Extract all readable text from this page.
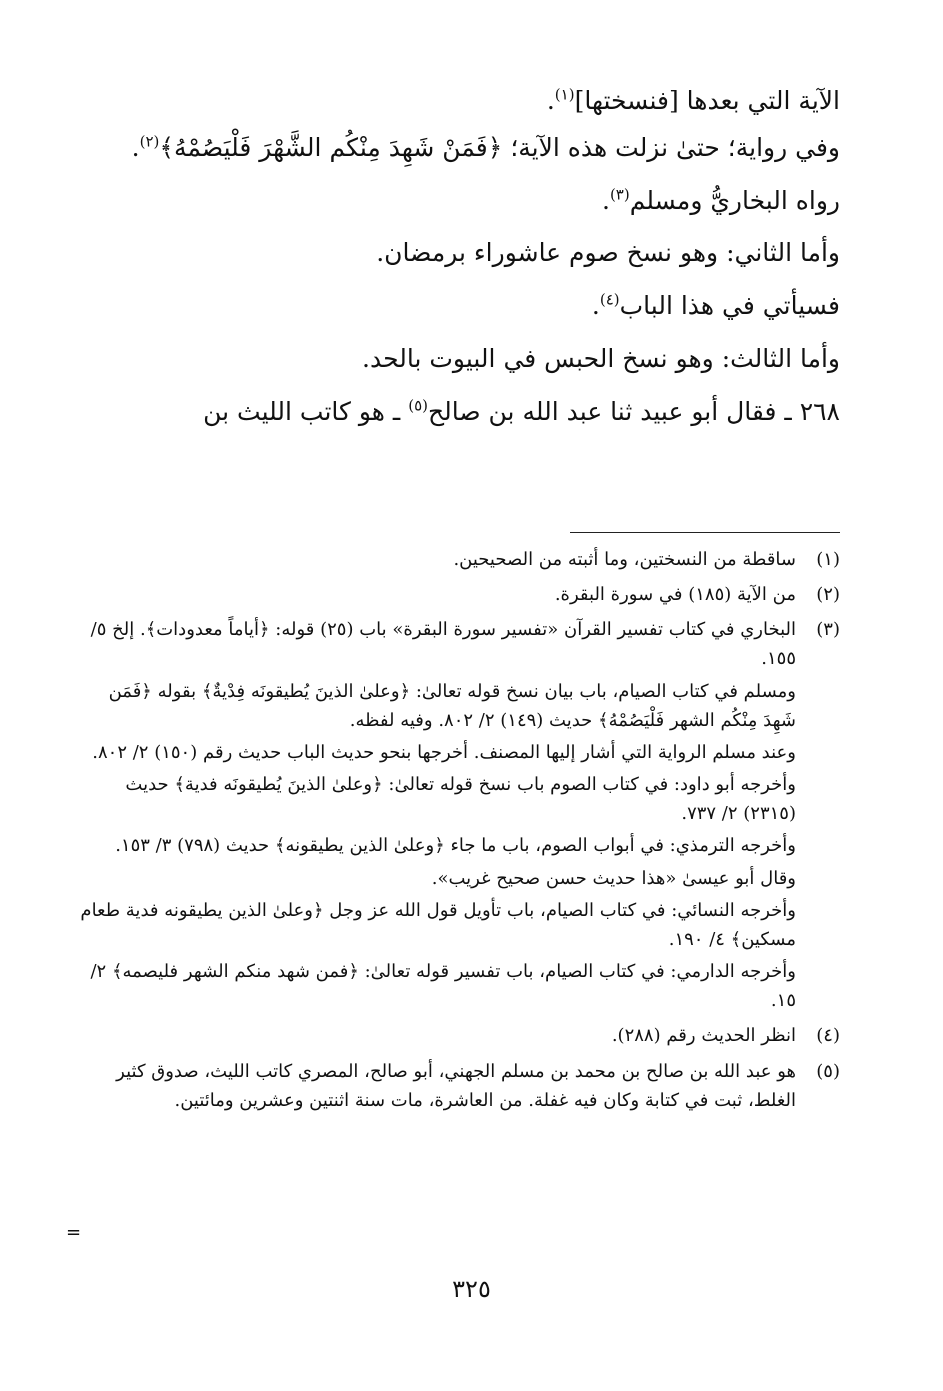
الآية التي بعدها [فنسختها]$^{(١)}$.

وفي رواية؛ حتىٰ نزلت هذه الآية؛ ﴿فَمَنْ شَهِدَ مِنْكُم الشَّهْرَ فَلْيَصُمْهُ﴾$^{(٢)}$.

رواه البخاريُّ ومسلم$^{(٣)}$.

وأما الثاني: وهو نسخ صوم عاشوراء برمضان.

فسيأتي في هذا الباب$^{(٤)}$.

وأما الثالث: وهو نسخ الحبس في البيوت بالحد.

٢٦٨ ـ فقال أبو عبيد ثنا عبد الله بن صالح$^{(٥)}$ ـ هو كاتب الليث بن

(١)

ساقطة من النسختين، وما أثبته من الصحيحين.

(٢)

من الآية (١٨٥) في سورة البقرة.

(٣)

البخاري في كتاب تفسير القرآن «تفسير سورة البقرة» باب (٢٥) قوله: ﴿أياماً معدودات﴾. إلخ ٥/ ١٥٥.

ومسلم في كتاب الصيام، باب بيان نسخ قوله تعالىٰ: ﴿وعلىٰ الذينَ يُطيقونَه فِدْيةٌ﴾ بقوله ﴿فَمَن شَهِدَ مِنْكُم الشهر فَلْيَصُمْهُ﴾ حديث (١٤٩) ٢/ ٨٠٢. وفيه لفظه.

وعند مسلم الرواية التي أشار إليها المصنف. أخرجها بنحو حديث الباب حديث رقم (١٥٠) ٢/ ٨٠٢.

وأخرجه أبو داود: في كتاب الصوم باب نسخ قوله تعالىٰ: ﴿وعلىٰ الذينَ يُطيقونَه فدية﴾ حديث (٢٣١٥) ٢/ ٧٣٧.

وأخرجه الترمذي: في أبواب الصوم، باب ما جاء ﴿وعلىٰ الذين يطيقونه﴾ حديث (٧٩٨) ٣/ ١٥٣.

وقال أبو عيسىٰ «هذا حديث حسن صحيح غريب».

وأخرجه النسائي: في كتاب الصيام، باب تأويل قول الله عز وجل ﴿وعلىٰ الذين يطيقونه فدية طعام مسكين﴾ ٤/ ١٩٠.

وأخرجه الدارمي: في كتاب الصيام، باب تفسير قوله تعالىٰ: ﴿فمن شهد منكم الشهر فليصمه﴾ ٢/ ١٥.

(٤)

انظر الحديث رقم (٢٨٨).

(٥)

هو عبد الله بن صالح بن محمد بن مسلم الجهني، أبو صالح، المصري كاتب الليث، صدوق كثير الغلط، ثبت في كتابة وكان فيه غفلة. من العاشرة، مات سنة اثنتين وعشرين ومائتين.

=
٣٢٥
